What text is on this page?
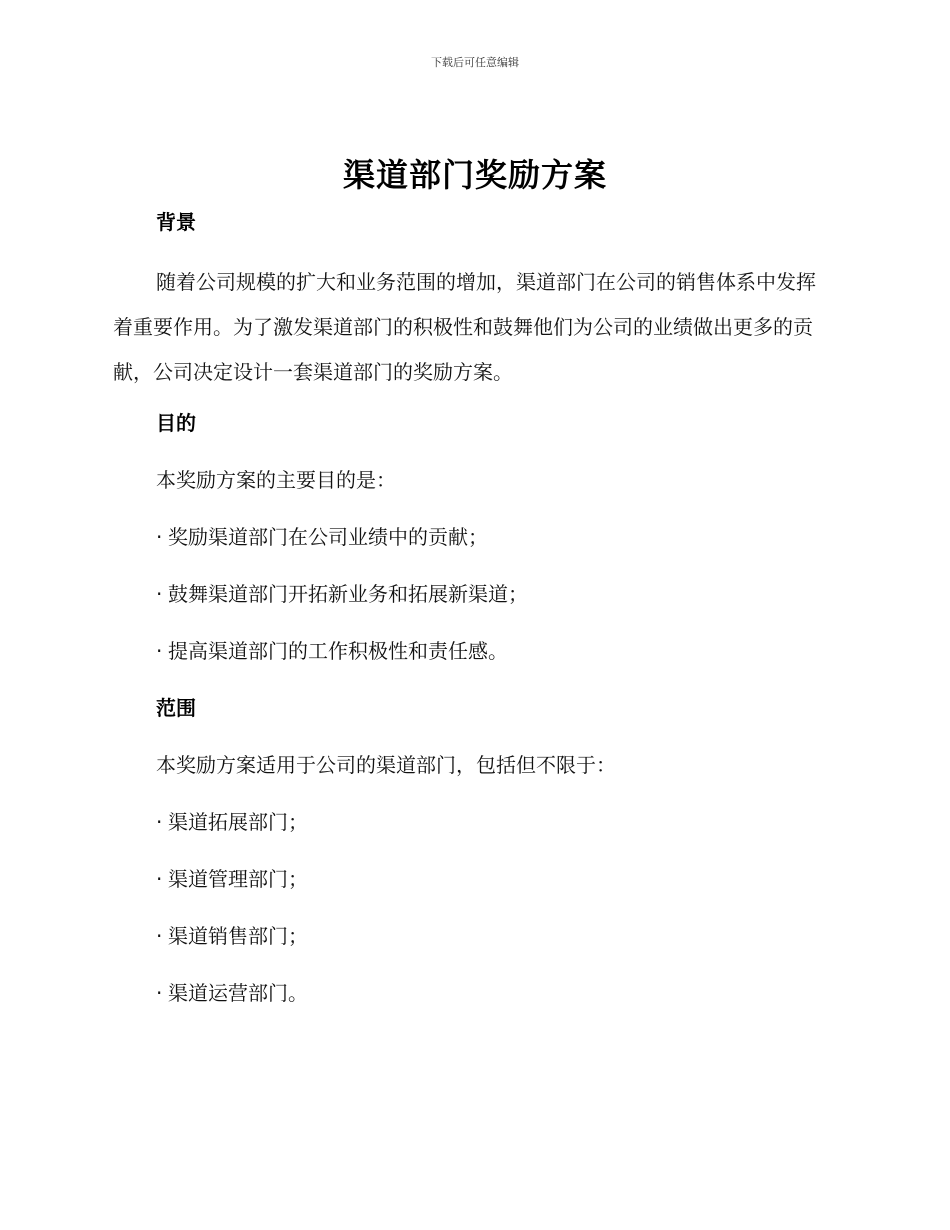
下载后可任意编辑
渠道部门奖励方案
背景

随着公司规模的扩大和业务范围的增加，渠道部门在公司的销售体系中发挥着重要作用。为了激发渠道部门的积极性和鼓舞他们为公司的业绩做出更多的贡献，公司决定设计一套渠道部门的奖励方案。

目的
本奖励方案的主要目的是：
· 奖励渠道部门在公司业绩中的贡献；
· 鼓舞渠道部门开拓新业务和拓展新渠道；
· 提高渠道部门的工作积极性和责任感。
范围
本奖励方案适用于公司的渠道部门，包括但不限于：
· 渠道拓展部门；
· 渠道管理部门；
· 渠道销售部门；
· 渠道运营部门。
